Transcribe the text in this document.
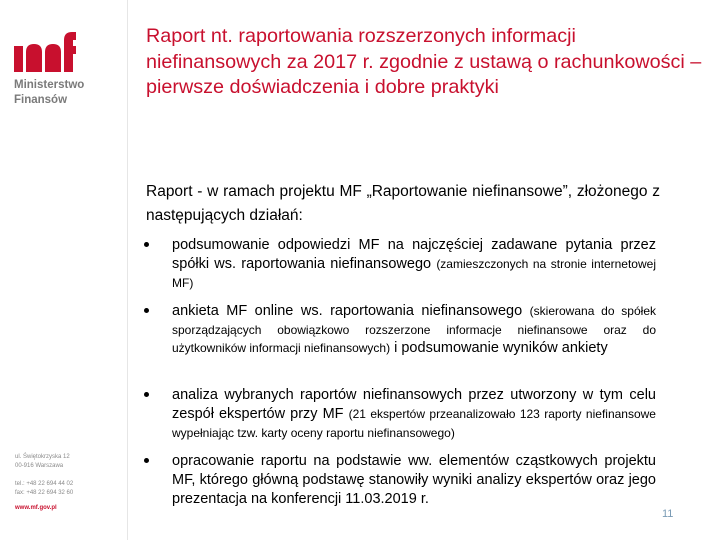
Ministerstwo
Finansów
ul. Świętokrzyska 12
00-916 Warszawa
tel.: +48 22 694 44 02
fax: +48 22 694 32 60
www.mf.gov.pl
Raport nt. raportowania rozszerzonych informacji niefinansowych za 2017 r. zgodnie z ustawą o rachunkowości – pierwsze doświadczenia i dobre praktyki
Raport - w ramach projektu MF „Raportowanie niefinansowe”, złożonego z następujących działań:
podsumowanie odpowiedzi MF na najczęściej zadawane pytania przez spółki ws. raportowania niefinansowego (zamieszczonych na stronie internetowej MF)
ankieta MF online ws. raportowania niefinansowego (skierowana do spółek sporządzających obowiązkowo rozszerzone informacje niefinansowe oraz do użytkowników informacji niefinansowych) i podsumowanie wyników ankiety
analiza wybranych raportów niefinansowych przez utworzony w tym celu zespół ekspertów przy MF (21 ekspertów przeanalizowało 123 raporty niefinansowe wypełniając tzw. karty oceny raportu niefinansowego)
opracowanie raportu na podstawie ww. elementów cząstkowych projektu MF, którego główną podstawę stanowiły wyniki analizy ekspertów oraz jego prezentacja na konferencji 11.03.2019 r.
11
